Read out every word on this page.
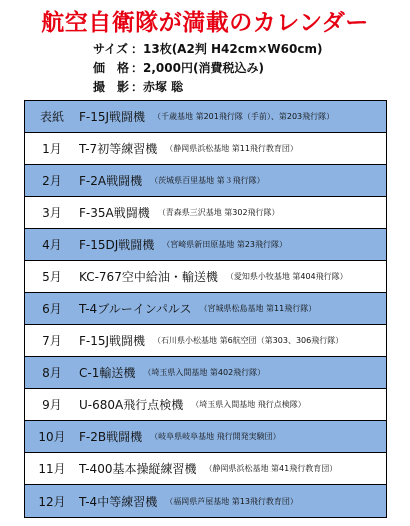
航空自衛隊が満載のカレンダー
サイズ ：13枚(A2判 H42cm×W60cm)
価　格 ：2,000円(消費税込み)
撮　影 ：赤塚 聡
表紙	F-15J戦闘機 （千歳基地 第201飛行隊（手前）、第203飛行隊）
1月	T-7初等練習機 （静岡県浜松基地 第11飛行教育団）
2月	F-2A戦闘機 （茨城県百里基地 第３飛行隊）
3月	F-35A戦闘機 （青森県三沢基地 第302飛行隊）
4月	F-15DJ戦闘機 （宮崎県新田原基地 第23飛行隊）
5月	KC-767空中給油・輸送機 （愛知県小牧基地 第404飛行隊）
6月	T-4ブルーインパルス （宮城県松島基地 第11飛行隊）
7月	F-15J戦闘機 （石川県小松基地 第6航空団（第303、306飛行隊）
8月	C-1輸送機 （埼玉県入間基地 第402飛行隊）
9月	U-680A飛行点検機 （埼玉県入間基地 飛行点検隊）
10月	F-2B戦闘機 （岐阜県岐阜基地 飛行開発実験団）
11月	T-400基本操縦練習機 （静岡県浜松基地 第41飛行教育団）
12月	T-4中等練習機 （福岡県芦屋基地 第13飛行教育団）
